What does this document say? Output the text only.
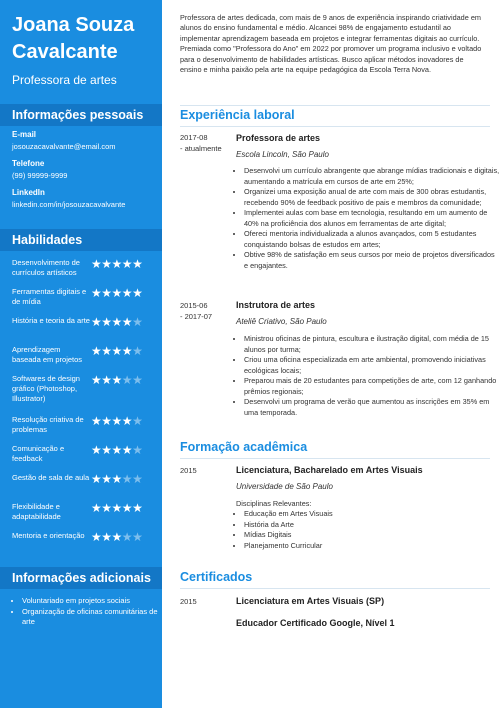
Joana Souza
Cavalcante
Professora de artes
Informações pessoais
E-mail
josouzacavalvante@email.com
Telefone
(99) 99999-9999
LinkedIn
linkedin.com/in/josouzacavalvante
Habilidades
Desenvolvimento de currículos artísticos
★★★★★
Ferramentas digitais e de mídia
★★★★★
História e teoria da arte ★★★★★
Aprendizagem baseada em projetos
★★★★★
Softwares de design gráfico (Photoshop, Illustrator)
★★★★★
Resolução criativa de problemas
★★★★★
Comunicação e feedback
★★★★★
Gestão de sala de aula ★★★★★
Flexibilidade e adaptabilidade
★★★★★
Mentoria e orientação ★★★★★
Informações adicionais
• Voluntariado em projetos sociais
• Organização de oficinas comunitárias de arte
Professora de artes dedicada, com mais de 9 anos de experiência inspirando criatividade em alunos do ensino fundamental e médio. Alcancei 98% de engajamento estudantil ao implementar aprendizagem baseada em projetos e integrar ferramentas digitais ao currículo. Premiada como "Professora do Ano" em 2022 por promover um programa inclusivo e voltado para o desenvolvimento de habilidades artísticas. Busco aplicar métodos inovadores de ensino e minha paixão pela arte na equipe pedagógica da Escola Terra Nova.
Experiência laboral
2017-08
- atualmente
Professora de artes
Escola Lincoln, São Paulo
• Desenvolvi um currículo abrangente que abrange mídias tradicionais e digitais, aumentando a matrícula em cursos de arte em 25%;
• Organizei uma exposição anual de arte com mais de 300 obras estudantis, recebendo 90% de feedback positivo de pais e membros da comunidade;
• Implementei aulas com base em tecnologia, resultando em um aumento de 40% na proficiência dos alunos em ferramentas de arte digital;
• Ofereci mentoria individualizada a alunos avançados, com 5 estudantes conquistando bolsas de estudos em artes;
• Obtive 98% de satisfação em seus cursos por meio de projetos diversificados e engajantes.
2015-06
- 2017-07
Instrutora de artes
Ateliê Criativo, São Paulo
• Ministrou oficinas de pintura, escultura e ilustração digital, com média de 15 alunos por turma;
• Criou uma oficina especializada em arte ambiental, promovendo iniciativas ecológicas locais;
• Preparou mais de 20 estudantes para competições de arte, com 12 ganhando prêmios regionais;
• Desenvolvi um programa de verão que aumentou as inscrições em 35% em uma temporada.
Formação acadêmica
2015	Licenciatura, Bacharelado em Artes Visuais
Universidade de São Paulo
Disciplinas Relevantes:
• Educação em Artes Visuais
• História da Arte
• Mídias Digitais
• Planejamento Curricular
Certificados
2015	Licenciatura em Artes Visuais (SP)
Educador Certificado Google, Nível 1
